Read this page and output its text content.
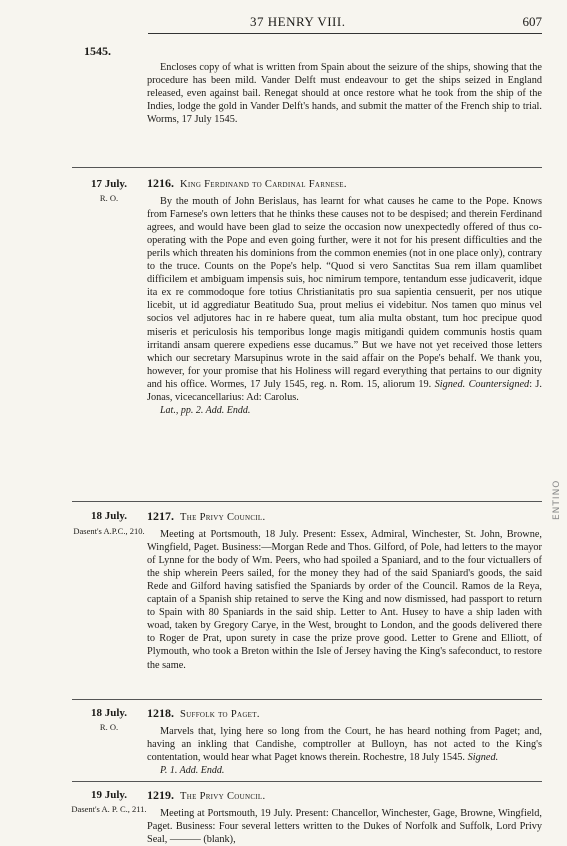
37 HENRY VIII.	607
1545.

Encloses copy of what is written from Spain about the seizure of the ships, showing that the procedure has been mild. Vander Delft must endeavour to get the ships seized in England released, even against bail. Renegat should at once restore what he took from the ship of the Indies, lodge the gold in Vander Delft's hands, and submit the matter of the French ship to trial. Worms, 17 July 1545.

17 July.
R. O.

1216. King Ferdinand to Cardinal Farnese.

By the mouth of John Berislaus, has learnt for what causes he came to the Pope. Knows from Farnese's own letters that he thinks these causes not to be despised; and therein Ferdinand agrees, and would have been glad to seize the occasion now unexpectedly offered of thus co-operating with the Pope and even going further, were it not for his present difficulties and the perils which threaten his dominions from the common enemies (not in one place only), contrary to the truce. Counts on the Pope's help. “Quod si vero Sanctitas Sua rem illam quamlibet difficilem et ambiguam impensis suis, hoc nimirum tempore, tentandum esse judicaverit, idque ita ex re commodoque fore totius Christianitatis pro sua sapientia censuerit, per nos utique licebit, ut id aggrediatur Beatitudo Sua, prout melius ei videbitur. Nos tamen quo minus vel socios vel adjutores hac in re habere queat, tum alia multa obstant, tum hoc precipue quod miseris et periculosis his temporibus longe magis mitigandi quidem communis hostis quam irritandi ansam querere expediens esse ducamus.” But we have not yet received those letters which our secretary Marsupinus wrote in the said affair on the Pope's behalf. We thank you, however, for your promise that his Holiness will regard everything that pertains to our dignity and his office. Wormes, 17 July 1545, reg. n. Rom. 15, aliorum 19. Signed. Countersigned: J. Jonas, vicecancellarius: Ad: Carolus.

Lat., pp. 2. Add. Endd.

18 July.
Dasent's A.P.C., 210.

1217. The Privy Council.

Meeting at Portsmouth, 18 July. Present: Essex, Admiral, Winchester, St. John, Browne, Wingfield, Paget. Business:—Morgan Rede and Thos. Gilford, of Pole, had letters to the mayor of Lynne for the body of Wm. Peers, who had spoiled a Spaniard, and to the four victuallers of the ship wherein Peers sailed, for the money they had of the said Spaniard's goods, the said Rede and Gilford having satisfied the Spaniards by order of the Council. Ramos de la Reya, captain of a Spanish ship retained to serve the King and now dismissed, had passport to return to Spain with 80 Spaniards in the said ship. Letter to Ant. Husey to have a ship laden with woad, taken by Gregory Carye, in the West, brought to London, and the goods delivered there to Roger de Prat, upon surety in case the prize prove good. Letter to Grene and Elliott, of Plymouth, who took a Breton within the Isle of Jersey having the King's safeconduct, to restore the same.

18 July.
R. O.

1218. Suffolk to Paget.

Marvels that, lying here so long from the Court, he has heard nothing from Paget; and, having an inkling that Candishe, comptroller at Bulloyn, has not acted to the King's contentation, would hear what Paget knows therein. Rochestre, 18 July 1545. Signed.

P. 1. Add. Endd.

19 July.
Dasent's A. P. C., 211.

1219. The Privy Council.

Meeting at Portsmouth, 19 July. Present: Chancellor, Winchester, Gage, Browne, Wingfield, Paget. Business: Four several letters written to the Dukes of Norfolk and Suffolk, Lord Privy Seal, ——— (blank),

ENTINO
